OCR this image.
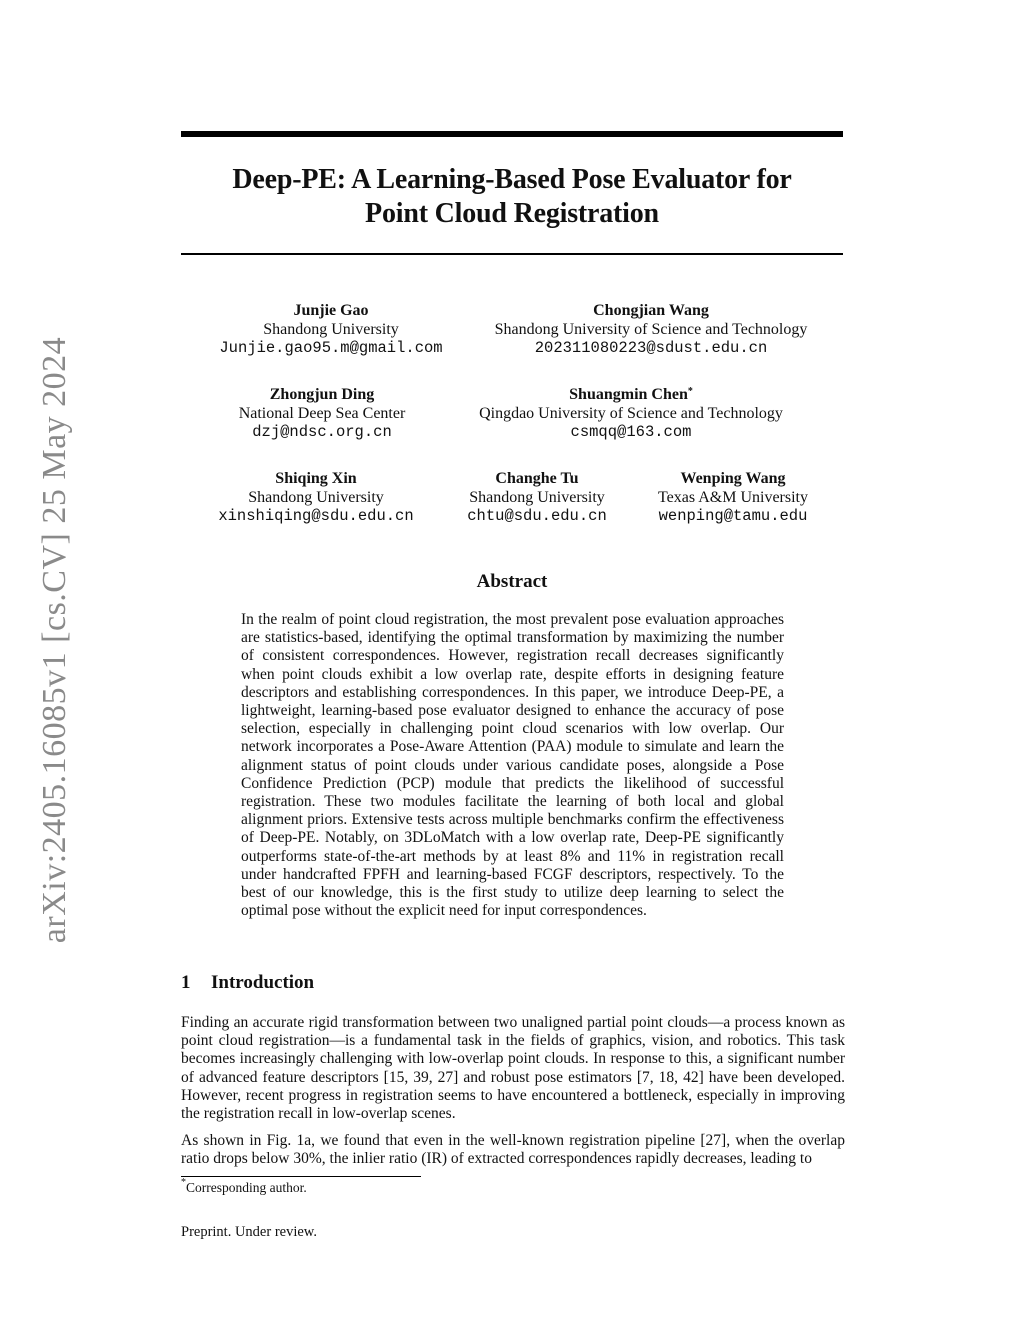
arXiv:2405.16085v1 [cs.CV] 25 May 2024
Deep-PE: A Learning-Based Pose Evaluator for
Point Cloud Registration
Junjie Gao
Shandong University
Junjie.gao95.m@gmail.com
Chongjian Wang
Shandong University of Science and Technology
202311080223@sdust.edu.cn
Zhongjun Ding
National Deep Sea Center
dzj@ndsc.org.cn
Shuangmin Chen*
Qingdao University of Science and Technology
csmqq@163.com
Shiqing Xin
Shandong University
xinshiqing@sdu.edu.cn
Changhe Tu
Shandong University
chtu@sdu.edu.cn
Wenping Wang
Texas A&M University
wenping@tamu.edu
Abstract
In the realm of point cloud registration, the most prevalent pose evaluation approaches are statistics-based, identifying the optimal transformation by maximizing the number of consistent correspondences. However, registration recall decreases significantly when point clouds exhibit a low overlap rate, despite efforts in designing feature descriptors and establishing correspondences. In this paper, we introduce Deep-PE, a lightweight, learning-based pose evaluator designed to enhance the accuracy of pose selection, especially in challenging point cloud scenarios with low overlap. Our network incorporates a Pose-Aware Attention (PAA) module to simulate and learn the alignment status of point clouds under various candidate poses, alongside a Pose Confidence Prediction (PCP) module that predicts the likelihood of successful registration. These two modules facilitate the learning of both local and global alignment priors. Extensive tests across multiple benchmarks confirm the effectiveness of Deep-PE. Notably, on 3DLoMatch with a low overlap rate, Deep-PE significantly outperforms state-of-the-art methods by at least 8% and 11% in registration recall under handcrafted FPFH and learning-based FCGF descriptors, respectively. To the best of our knowledge, this is the first study to utilize deep learning to select the optimal pose without the explicit need for input correspondences.
1 Introduction
Finding an accurate rigid transformation between two unaligned partial point clouds—a process known as point cloud registration—is a fundamental task in the fields of graphics, vision, and robotics. This task becomes increasingly challenging with low-overlap point clouds. In response to this, a significant number of advanced feature descriptors [15, 39, 27] and robust pose estimators [7, 18, 42] have been developed. However, recent progress in registration seems to have encountered a bottleneck, especially in improving the registration recall in low-overlap scenes.
As shown in Fig. 1a, we found that even in the well-known registration pipeline [27], when the overlap ratio drops below 30%, the inlier ratio (IR) of extracted correspondences rapidly decreases, leading to
*Corresponding author.
Preprint. Under review.
